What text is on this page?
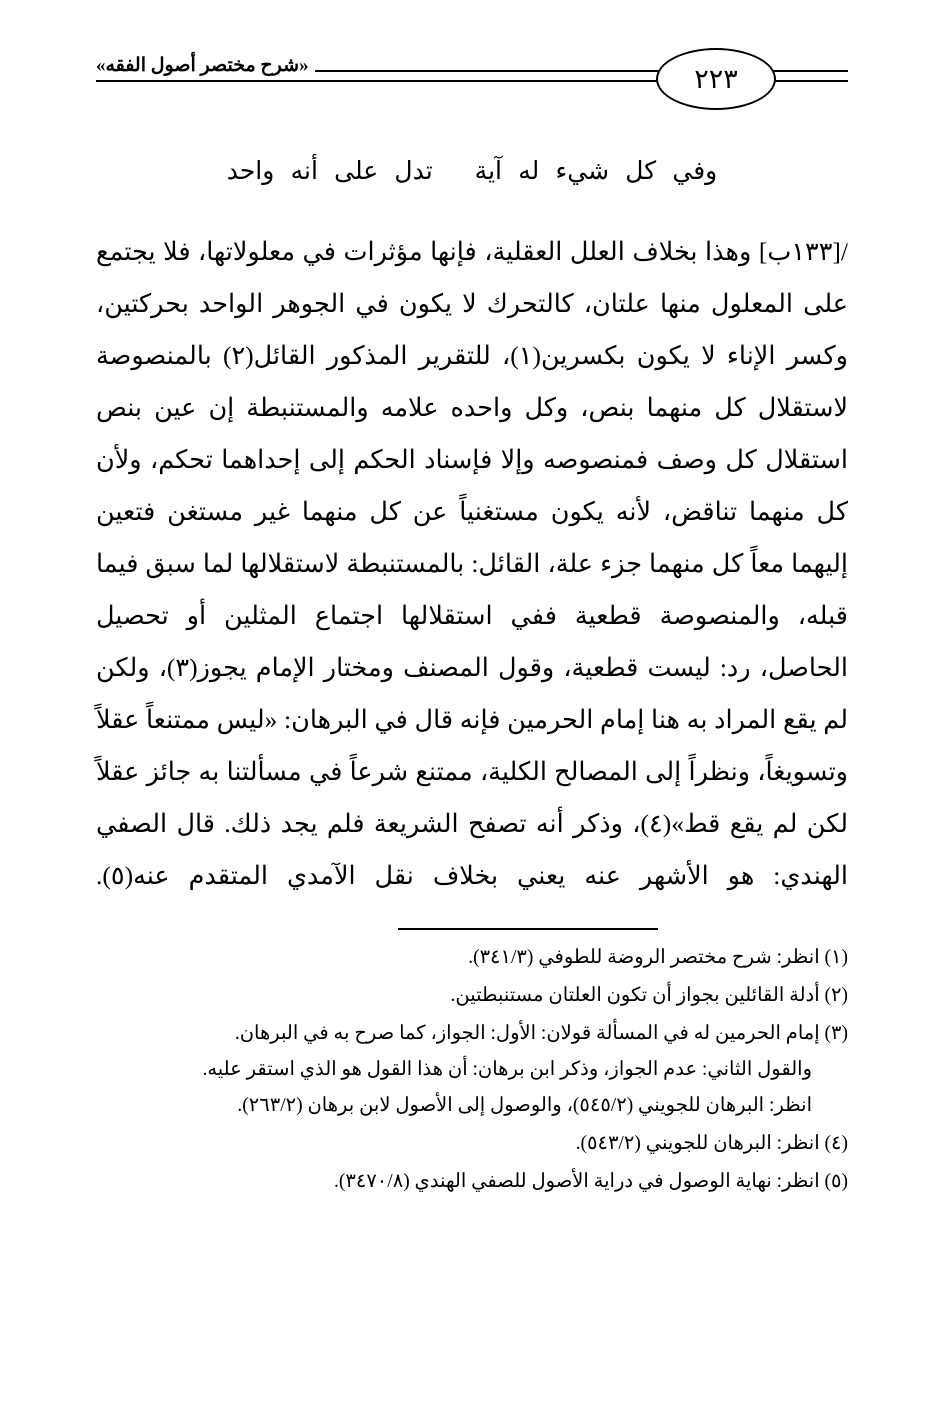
٢٢٣
«شرح مختصر أصول الفقه»
وفي كل شيء له آيةتدل على أنه واحد

/[١٣٣ب] وهذا بخلاف العلل العقلية، فإنها مؤثرات في معلولاتها، فلا يجتمع على المعلول منها علتان، كالتحرك لا يكون في الجوهر الواحد بحركتين، وكسر الإناء لا يكون بكسرين(١)، للتقرير المذكور القائل(٢) بالمنصوصة لاستقلال كل منهما بنص، وكل واحده علامه والمستنبطة إن عين بنص استقلال كل وصف فمنصوصه وإلا فإسناد الحكم إلى إحداهما تحكم، ولأن كل منهما تناقض، لأنه يكون مستغنياً عن كل منهما غير مستغن فتعين إليهما معاً كل منهما جزء علة، القائل: بالمستنبطة لاستقلالها لما سبق فيما قبله، والمنصوصة قطعية ففي استقلالها اجتماع المثلين أو تحصيل الحاصل، رد: ليست قطعية، وقول المصنف ومختار الإمام يجوز(٣)، ولكن لم يقع المراد به هنا إمام الحرمين فإنه قال في البرهان: «ليس ممتنعاً عقلاً وتسويغاً، ونظراً إلى المصالح الكلية، ممتنع شرعاً في مسألتنا به جائز عقلاً لكن لم يقع قط»(٤)، وذكر أنه تصفح الشريعة فلم يجد ذلك. قال الصفي الهندي: هو الأشهر عنه يعني بخلاف نقل الآمدي المتقدم عنه(٥).

(١) انظر: شرح مختصر الروضة للطوفي (٣٤١/٣).
(٢) أدلة القائلين بجواز أن تكون العلتان مستنبطتين.
(٣) إمام الحرمين له في المسألة قولان: الأول: الجواز، كما صرح به في البرهان.
والقول الثاني: عدم الجواز، وذكر ابن برهان: أن هذا القول هو الذي استقر عليه.
انظر: البرهان للجويني (٥٤٥/٢)، والوصول إلى الأصول لابن برهان (٢٦٣/٢).
(٤) انظر: البرهان للجويني (٥٤٣/٢).
(٥) انظر: نهاية الوصول في دراية الأصول للصفي الهندي (٣٤٧٠/٨).
